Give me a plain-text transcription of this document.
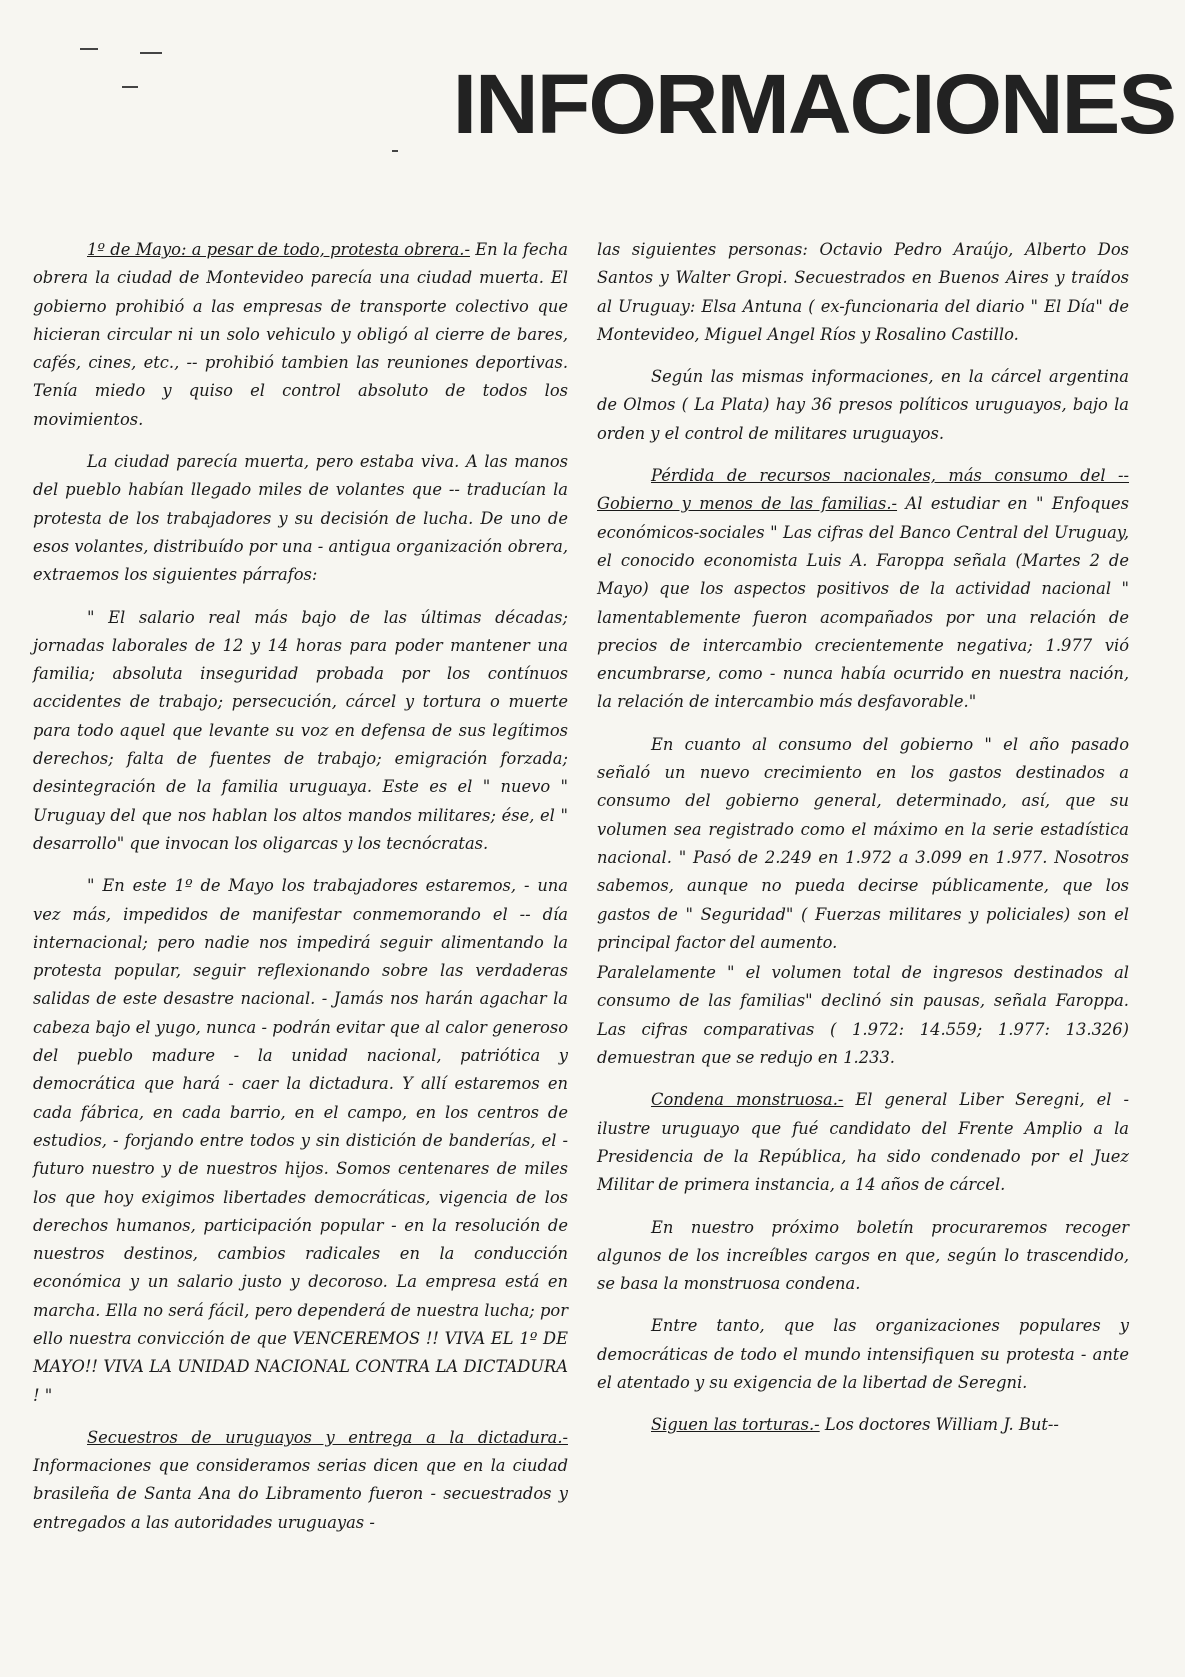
INFORMACIONES

1º de Mayo: a pesar de todo, protesta obrera.- En la fecha obrera la ciudad de Montevideo parecía una ciudad muerta. El gobierno prohibió a las empresas de transporte colectivo que hicieran circular ni un solo vehiculo y obligó al cierre de bares, cafés, cines, etc., -- prohibió tambien las reuniones deportivas. Tenía miedo y quiso el control absoluto de todos los movimientos.

La ciudad parecía muerta, pero estaba viva. A las manos del pueblo habían llegado miles de volantes que -- traducían la protesta de los trabajadores y su decisión de lucha. De uno de esos volantes, distribuído por una - antigua organización obrera, extraemos los siguientes párrafos:

" El salario real más bajo de las últimas décadas; jornadas laborales de 12 y 14 horas para poder mantener una familia; absoluta inseguridad probada por los contínuos accidentes de trabajo; persecución, cárcel y tortura o muerte para todo aquel que levante su voz en defensa de sus legítimos derechos; falta de fuentes de trabajo; emigración forzada; desintegración de la familia uruguaya. Este es el " nuevo " Uruguay del que nos hablan los altos mandos militares; ése, el " desarrollo" que invocan los oligarcas y los tecnócratas.

" En este 1º de Mayo los trabajadores estaremos, - una vez más, impedidos de manifestar conmemorando el -- día internacional; pero nadie nos impedirá seguir alimentando la protesta popular, seguir reflexionando sobre las verdaderas salidas de este desastre nacional. - Jamás nos harán agachar la cabeza bajo el yugo, nunca - podrán evitar que al calor generoso del pueblo madure - la unidad nacional, patriótica y democrática que hará - caer la dictadura. Y allí estaremos en cada fábrica, en cada barrio, en el campo, en los centros de estudios, - forjando entre todos y sin distición de banderías, el - futuro nuestro y de nuestros hijos. Somos centenares de miles los que hoy exigimos libertades democráticas, vigencia de los derechos humanos, participación popular - en la resolución de nuestros destinos, cambios radicales en la conducción económica y un salario justo y decoroso. La empresa está en marcha. Ella no será fácil, pero dependerá de nuestra lucha; por ello nuestra convicción de que VENCEREMOS !! VIVA EL 1º DE MAYO!! VIVA LA UNIDAD NACIONAL CONTRA LA DICTADURA ! "

Secuestros de uruguayos y entrega a la dictadura.- Informaciones que consideramos serias dicen que en la ciudad brasileña de Santa Ana do Libramento fueron - secuestrados y entregados a las autoridades uruguayas -

las siguientes personas: Octavio Pedro Araújo, Alberto Dos Santos y Walter Gropi. Secuestrados en Buenos Aires y traídos al Uruguay: Elsa Antuna ( ex-funcionaria del diario " El Día" de Montevideo, Miguel Angel Ríos y Rosalino Castillo.

Según las mismas informaciones, en la cárcel argentina de Olmos ( La Plata) hay 36 presos políticos uruguayos, bajo la orden y el control de militares uruguayos.

Pérdida de recursos nacionales, más consumo del -- Gobierno y menos de las familias.- Al estudiar en " Enfoques económicos-sociales " Las cifras del Banco Central del Uruguay, el conocido economista Luis A. Faroppa señala (Martes 2 de Mayo) que los aspectos positivos de la actividad nacional " lamentablemente fueron acompañados por una relación de precios de intercambio crecientemente negativa; 1.977 vió encumbrarse, como - nunca había ocurrido en nuestra nación, la relación de intercambio más desfavorable."

En cuanto al consumo del gobierno " el año pasado señaló un nuevo crecimiento en los gastos destinados a consumo del gobierno general, determinado, así, que su volumen sea registrado como el máximo en la serie estadística nacional. " Pasó de 2.249 en 1.972 a 3.099 en 1.977. Nosotros sabemos, aunque no pueda decirse públicamente, que los gastos de " Seguridad" ( Fuerzas militares y policiales) son el principal factor del aumento.

Paralelamente " el volumen total de ingresos destinados al consumo de las familias" declinó sin pausas, señala Faroppa. Las cifras comparativas ( 1.972: 14.559; 1.977: 13.326) demuestran que se redujo en 1.233.

Condena monstruosa.- El general Liber Seregni, el - ilustre uruguayo que fué candidato del Frente Amplio a la Presidencia de la República, ha sido condenado por el Juez Militar de primera instancia, a 14 años de cárcel.

En nuestro próximo boletín procuraremos recoger algunos de los increíbles cargos en que, según lo trascendido, se basa la monstruosa condena.

Entre tanto, que las organizaciones populares y democráticas de todo el mundo intensifiquen su protesta - ante el atentado y su exigencia de la libertad de Seregni.

Siguen las torturas.- Los doctores William J. But--
